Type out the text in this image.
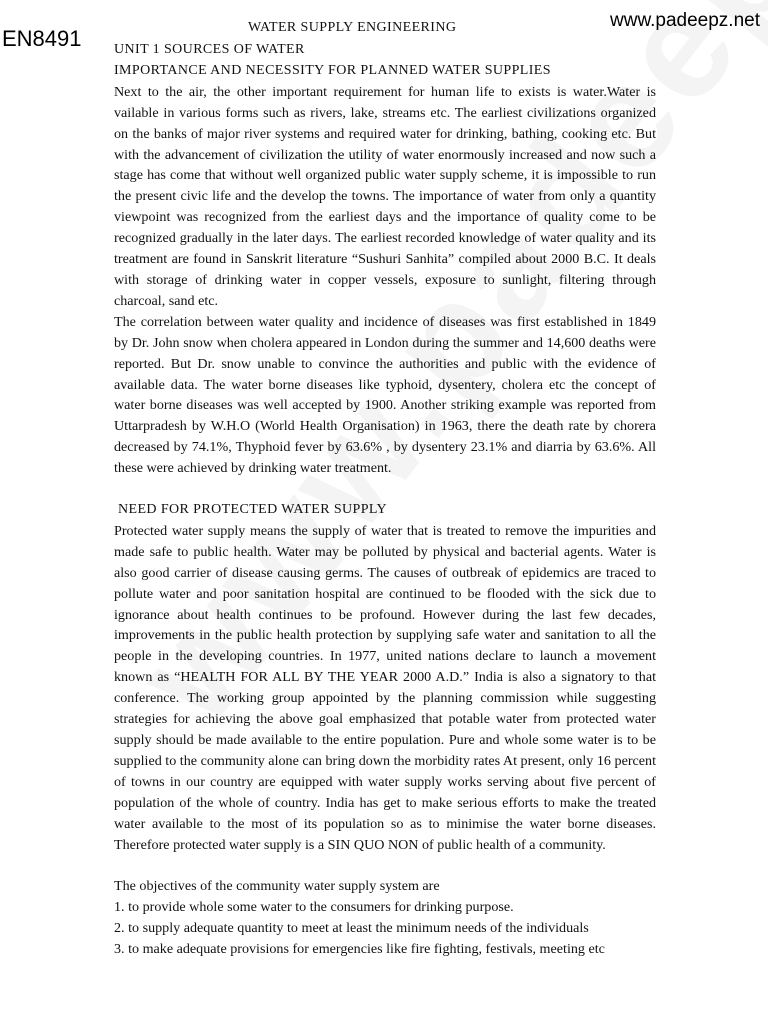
EN8491
www.padeepz.net
WATER SUPPLY ENGINEERING
UNIT 1 SOURCES OF WATER
IMPORTANCE AND NECESSITY FOR PLANNED WATER SUPPLIES

Next to the air, the other important requirement for human life to exists is water.Water is vailable in various forms such as rivers, lake, streams etc. The earliest civilizations organized on the banks of major river systems and required water for drinking, bathing, cooking etc. But with the advancement of civilization the utility of water enormously increased and now such a stage has come that without well organized public water supply scheme, it is impossible to run the present civic life and the develop the towns. The importance of water from only a quantity viewpoint was recognized from the earliest days and the importance of quality come to be recognized gradually in the later days. The earliest recorded knowledge of water quality and its treatment are found in Sanskrit literature “Sushuri Sanhita” compiled about 2000 B.C. It deals with storage of drinking water in copper vessels, exposure to sunlight, filtering through charcoal, sand etc.

The correlation between water quality and incidence of diseases was first established in 1849 by Dr. John snow when cholera appeared in London during the summer and 14,600 deaths were reported. But Dr. snow unable to convince the authorities and public with the evidence of available data. The water borne diseases like typhoid, dysentery, cholera etc the concept of water borne diseases was well accepted by 1900. Another striking example was reported from Uttarpradesh by W.H.O (World Health Organisation) in 1963, there the death rate by chorera decreased by 74.1%, Thyphoid fever by 63.6% , by dysentery 23.1% and diarria by 63.6%. All these were achieved by drinking water treatment.

NEED FOR PROTECTED WATER SUPPLY

Protected water supply means the supply of water that is treated to remove the impurities and made safe to public health. Water may be polluted by physical and bacterial agents. Water is also good carrier of disease causing germs. The causes of outbreak of epidemics are traced to pollute water and poor sanitation hospital are continued to be flooded with the sick due to ignorance about health continues to be profound. However during the last few decades, improvements in the public health protection by supplying safe water and sanitation to all the people in the developing countries. In 1977, united nations declare to launch a movement known as “HEALTH FOR ALL BY THE YEAR 2000 A.D.” India is also a signatory to that conference. The working group appointed by the planning commission while suggesting strategies for achieving the above goal emphasized that potable water from protected water supply should be made available to the entire population. Pure and whole some water is to be supplied to the community alone can bring down the morbidity rates At present, only 16 percent of towns in our country are equipped with water supply works serving about five percent of population of the whole of country. India has get to make serious efforts to make the treated water available to the most of its population so as to minimise the water borne diseases. Therefore protected water supply is a SIN QUO NON of public health of a community.

The objectives of the community water supply system are
1. to provide whole some water to the consumers for drinking purpose.
2. to supply adequate quantity to meet at least the minimum needs of the individuals
3. to make adequate provisions for emergencies like fire fighting, festivals, meeting etc
